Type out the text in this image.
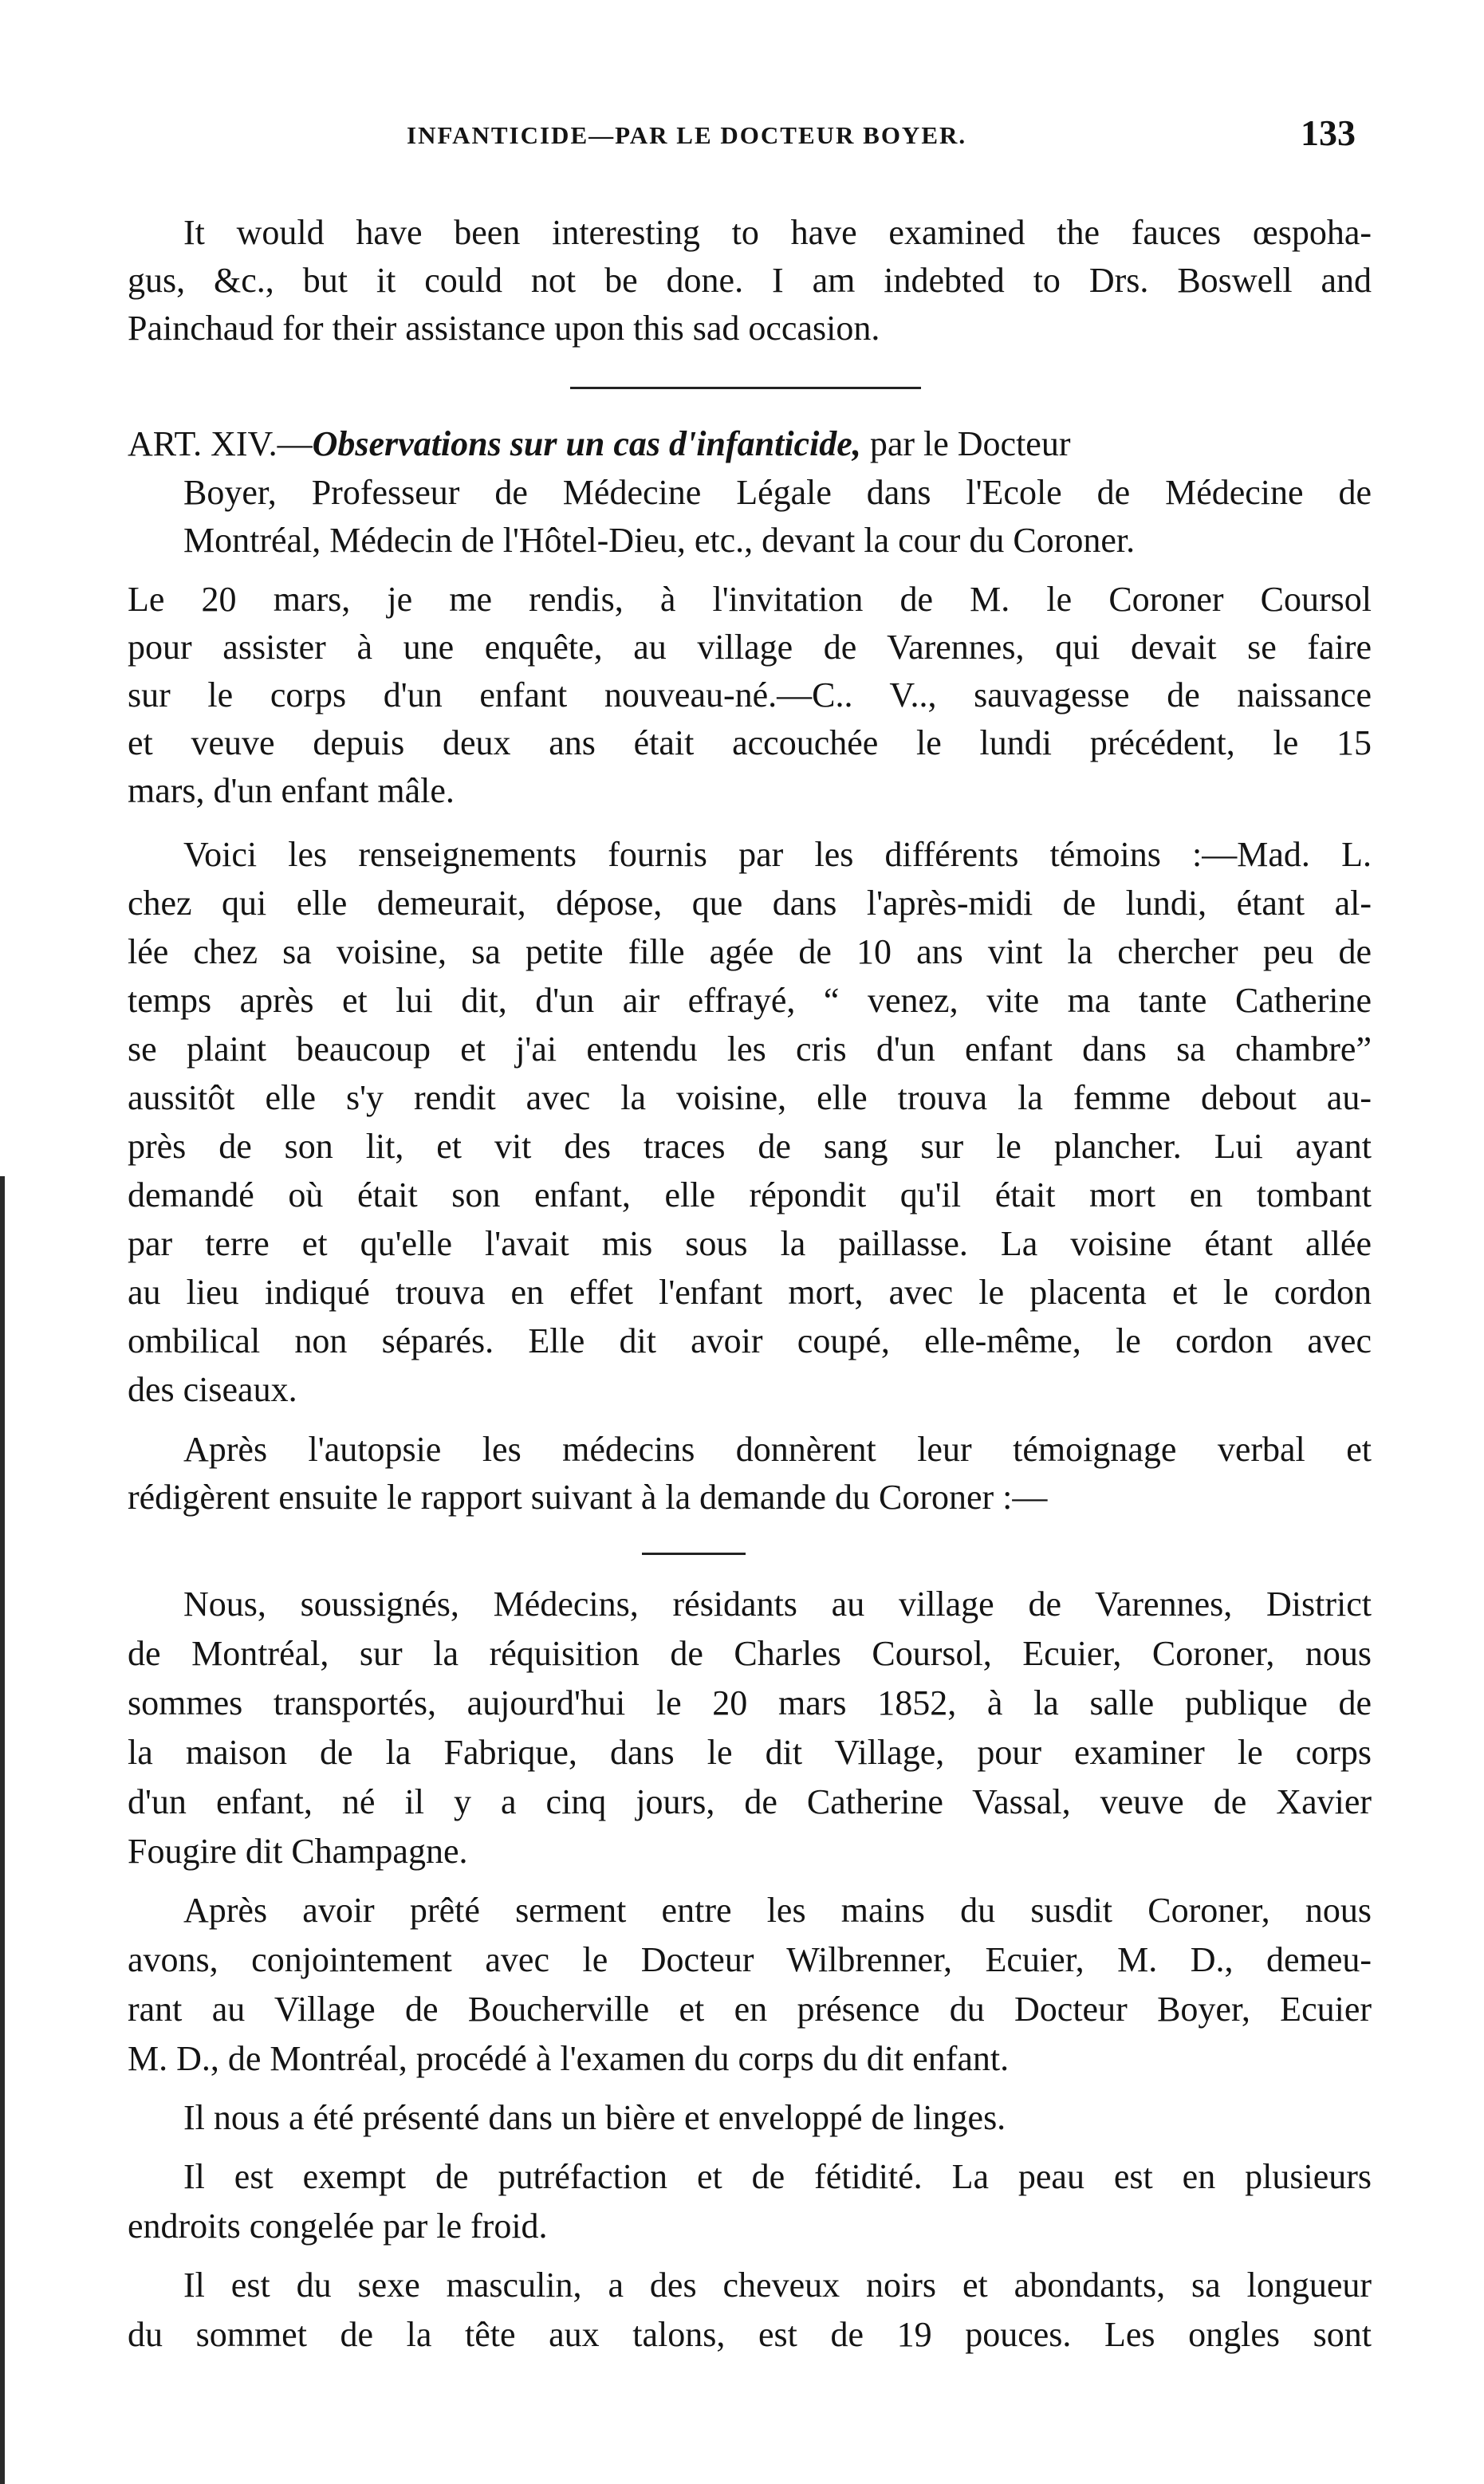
INFANTICIDE—PAR LE DOCTEUR BOYER.	133
It would have been interesting to have examined the fauces œspoha-
gus, &c., but it could not be done. I am indebted to Drs. Boswell and
Painchaud for their assistance upon this sad occasion.
ART. XIV.—Observations sur un cas d'infanticide, par le Docteur
Boyer, Professeur de Médecine Légale dans l'Ecole de Médecine de
Montréal, Médecin de l'Hôtel-Dieu, etc., devant la cour du Coroner.
Le 20 mars, je me rendis, à l'invitation de M. le Coroner Coursol
pour assister à une enquête, au village de Varennes, qui devait se faire
sur le corps d'un enfant nouveau-né.—C.. V.., sauvagesse de naissance
et veuve depuis deux ans était accouchée le lundi précédent, le 15
mars, d'un enfant mâle.
Voici les renseignements fournis par les différents témoins :—Mad. L.
chez qui elle demeurait, dépose, que dans l'après-midi de lundi, étant al-
lée chez sa voisine, sa petite fille agée de 10 ans vint la chercher peu de
temps après et lui dit, d'un air effrayé, “ venez, vite ma tante Catherine
se plaint beaucoup et j'ai entendu les cris d'un enfant dans sa chambre”
aussitôt elle s'y rendit avec la voisine, elle trouva la femme debout au-
près de son lit, et vit des traces de sang sur le plancher. Lui ayant
demandé où était son enfant, elle répondit qu'il était mort en tombant
par terre et qu'elle l'avait mis sous la paillasse. La voisine étant allée
au lieu indiqué trouva en effet l'enfant mort, avec le placenta et le cordon
ombilical non séparés. Elle dit avoir coupé, elle-même, le cordon avec
des ciseaux.
Après l'autopsie les médecins donnèrent leur témoignage verbal et
rédigèrent ensuite le rapport suivant à la demande du Coroner :—
Nous, soussignés, Médecins, résidants au village de Varennes, District
de Montréal, sur la réquisition de Charles Coursol, Ecuier, Coroner, nous
sommes transportés, aujourd'hui le 20 mars 1852, à la salle publique de
la maison de la Fabrique, dans le dit Village, pour examiner le corps
d'un enfant, né il y a cinq jours, de Catherine Vassal, veuve de Xavier
Fougire dit Champagne.
Après avoir prêté serment entre les mains du susdit Coroner, nous
avons, conjointement avec le Docteur Wilbrenner, Ecuier, M. D., demeu-
rant au Village de Boucherville et en présence du Docteur Boyer, Ecuier
M. D., de Montréal, procédé à l'examen du corps du dit enfant.
Il nous a été présenté dans un bière et enveloppé de linges.
Il est exempt de putréfaction et de fétidité. La peau est en plusieurs
endroits congelée par le froid.
Il est du sexe masculin, a des cheveux noirs et abondants, sa longueur
du sommet de la tête aux talons, est de 19 pouces. Les ongles sont
